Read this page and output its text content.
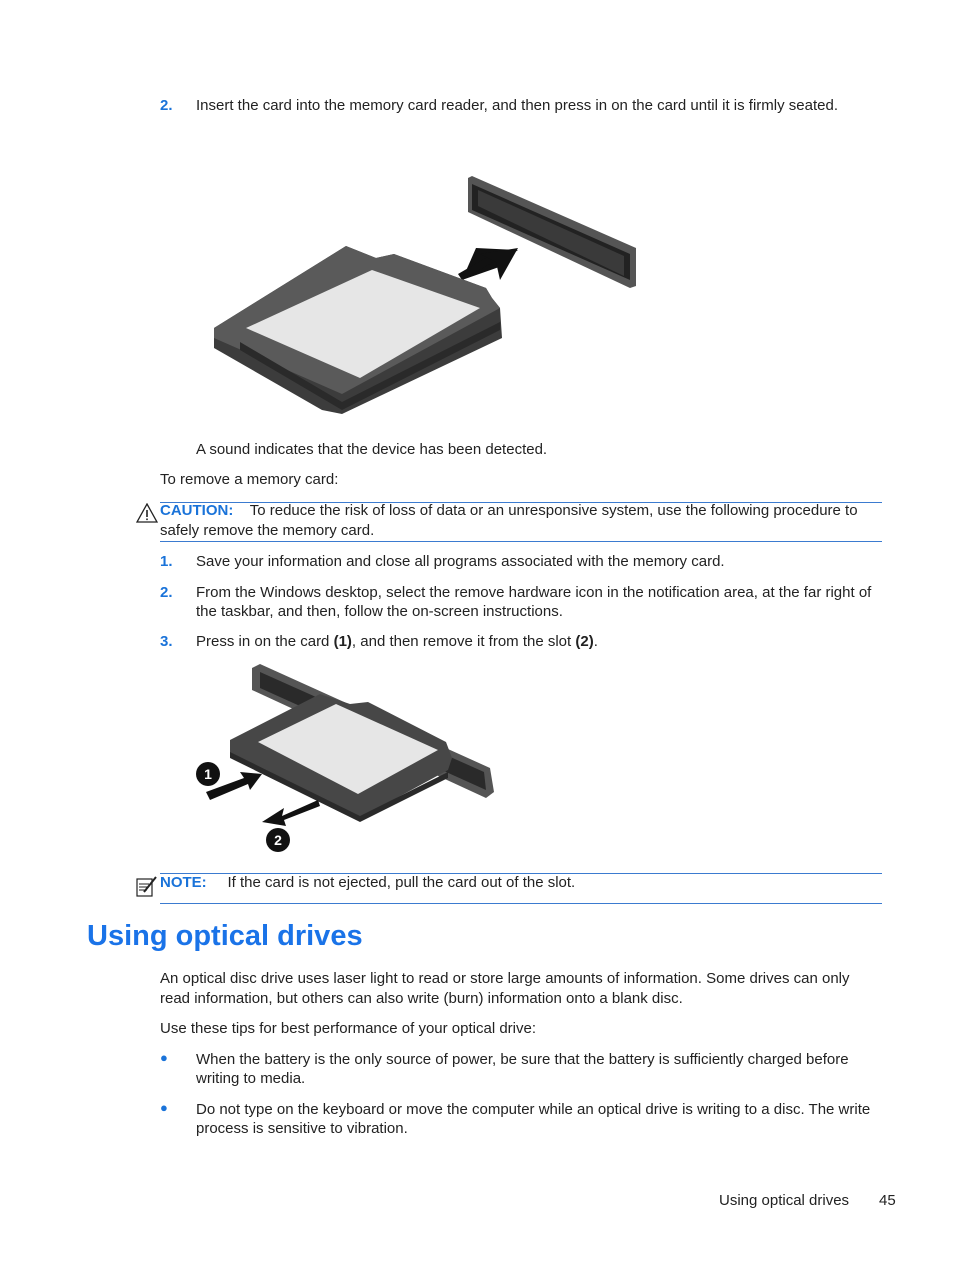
2. Insert the card into the memory card reader, and then press in on the card until it is firmly seated.
A sound indicates that the device has been detected.
To remove a memory card:
CAUTION: To reduce the risk of loss of data or an unresponsive system, use the following procedure to safely remove the memory card.
1. Save your information and close all programs associated with the memory card.
2. From the Windows desktop, select the remove hardware icon in the notification area, at the far right of the taskbar, and then, follow the on-screen instructions.
3. Press in on the card (1), and then remove it from the slot (2).
1
2
NOTE: If the card is not ejected, pull the card out of the slot.
Using optical drives
An optical disc drive uses laser light to read or store large amounts of information. Some drives can only read information, but others can also write (burn) information onto a blank disc.
Use these tips for best performance of your optical drive:
● When the battery is the only source of power, be sure that the battery is sufficiently charged before writing to media.
● Do not type on the keyboard or move the computer while an optical drive is writing to a disc. The write process is sensitive to vibration.
Using optical drives 45
